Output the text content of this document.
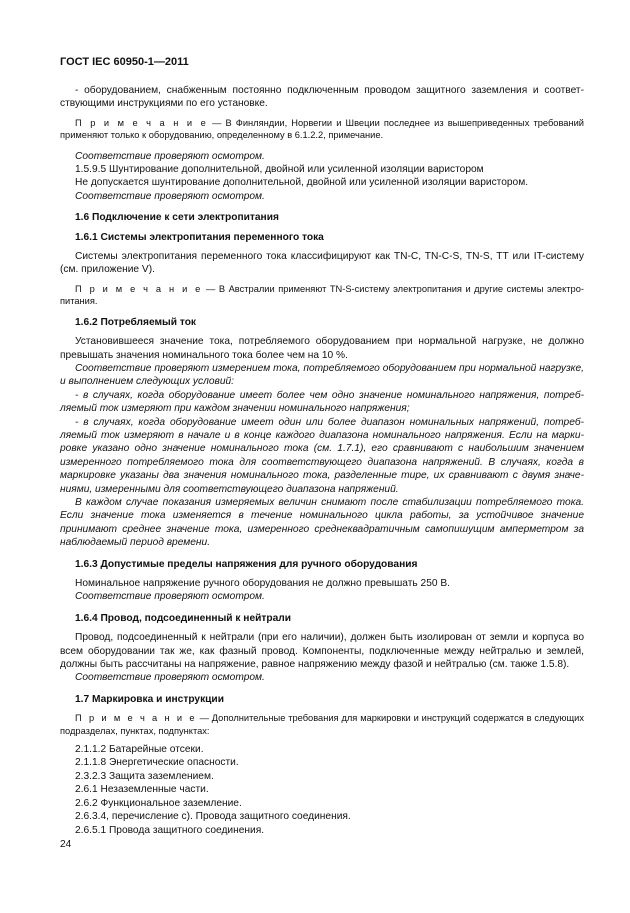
ГОСТ IEC 60950-1—2011

- оборудованием, снабженным постоянно подключенным проводом защитного заземления и соответствующими инструкциями по его установке.

П р и м е ч а н и е — В Финляндии, Норвегии и Швеции последнее из вышеприведенных требований применяют только к оборудованию, определенному в 6.1.2.2, примечание.

Соответствие проверяют осмотром.

1.5.9.5 Шунтирование дополнительной, двойной или усиленной изоляции варистором

Не допускается шунтирование дополнительной, двойной или усиленной изоляции варистором.

Соответствие проверяют осмотром.

1.6 Подключение к сети электропитания

1.6.1 Системы электропитания переменного тока

Системы электропитания переменного тока классифицируют как TN-C, TN-C-S, TN-S, TT или IT-систему (см. приложение V).

П р и м е ч а н и е — В Австралии применяют TN-S-систему электропитания и другие системы электропитания.

1.6.2 Потребляемый ток

Установившееся значение тока, потребляемого оборудованием при нормальной нагрузке, не должно превышать значения номинального тока более чем на 10 %.

Соответствие проверяют измерением тока, потребляемого оборудованием при нормальной нагрузке, и выполнением следующих условий:

- в случаях, когда оборудование имеет более чем одно значение номинального напряжения, потребляемый ток измеряют при каждом значении номинального напряжения;

- в случаях, когда оборудование имеет один или более диапазон номинальных напряжений, потребляемый ток измеряют в начале и в конце каждого диапазона номинального напряжения. Если на маркировке указано одно значение номинального тока (см. 1.7.1), его сравнивают с наибольшим значением измеренного потребляемого тока для соответствующего диапазона напряжений. В случаях, когда в маркировке указаны два значения номинального тока, разделенные тире, их сравнивают с двумя значениями, измеренными для соответствующего диапазона напряжений.

В каждом случае показания измеряемых величин снимают после стабилизации потребляемого тока. Если значение тока изменяется в течение номинального цикла работы, за устойчивое значение принимают среднее значение тока, измеренного среднеквадратичным самопишущим амперметром за наблюдаемый период времени.

1.6.3 Допустимые пределы напряжения для ручного оборудования

Номинальное напряжение ручного оборудования не должно превышать 250 В.

Соответствие проверяют осмотром.

1.6.4 Провод, подсоединенный к нейтрали

Провод, подсоединенный к нейтрали (при его наличии), должен быть изолирован от земли и корпуса во всем оборудовании так же, как фазный провод. Компоненты, подключенные между нейтралью и землей, должны быть рассчитаны на напряжение, равное напряжению между фазой и нейтралью (см. также 1.5.8).

Соответствие проверяют осмотром.

1.7 Маркировка и инструкции

П р и м е ч а н и е — Дополнительные требования для маркировки и инструкций содержатся в следующих подразделах, пунктах, подпунктах:

2.1.1.2 Батарейные отсеки.

2.1.1.8 Энергетические опасности.

2.3.2.3 Защита заземлением.

2.6.1 Незаземленные части.

2.6.2 Функциональное заземление.

2.6.3.4, перечисление с). Провода защитного соединения.

2.6.5.1 Провода защитного соединения.

24
